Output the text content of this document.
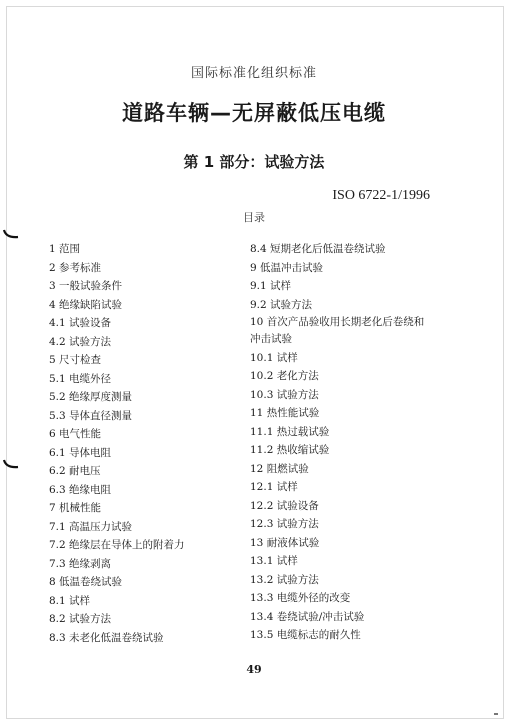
国际标准化组织标准
道路车辆—无屏蔽低压电缆
第 1 部分：试验方法
ISO 6722-1/1996
目录
1 范围
2 参考标准
3 一般试验条件
4 绝缘缺陷试验
4.1 试验设备
4.2 试验方法
5 尺寸检查
5.1 电缆外径
5.2 绝缘厚度测量
5.3 导体直径测量
6 电气性能
6.1 导体电阻
6.2 耐电压
6.3 绝缘电阻
7 机械性能
7.1 高温压力试验
7.2 绝缘层在导体上的附着力
7.3 绝缘剥离
8 低温卷绕试验
8.1 试样
8.2 试验方法
8.3 未老化低温卷绕试验
8.4 短期老化后低温卷绕试验
9 低温冲击试验
9.1 试样
9.2 试验方法
10 首次产品验收用长期老化后卷绕和
冲击试验
10.1 试样
10.2 老化方法
10.3 试验方法
11 热性能试验
11.1 热过载试验
11.2 热收缩试验
12 阻燃试验
12.1 试样
12.2 试验设备
12.3 试验方法
13 耐液体试验
13.1 试样
13.2 试验方法
13.3 电缆外径的改变
13.4 卷绕试验/冲击试验
13.5 电缆标志的耐久性
49
